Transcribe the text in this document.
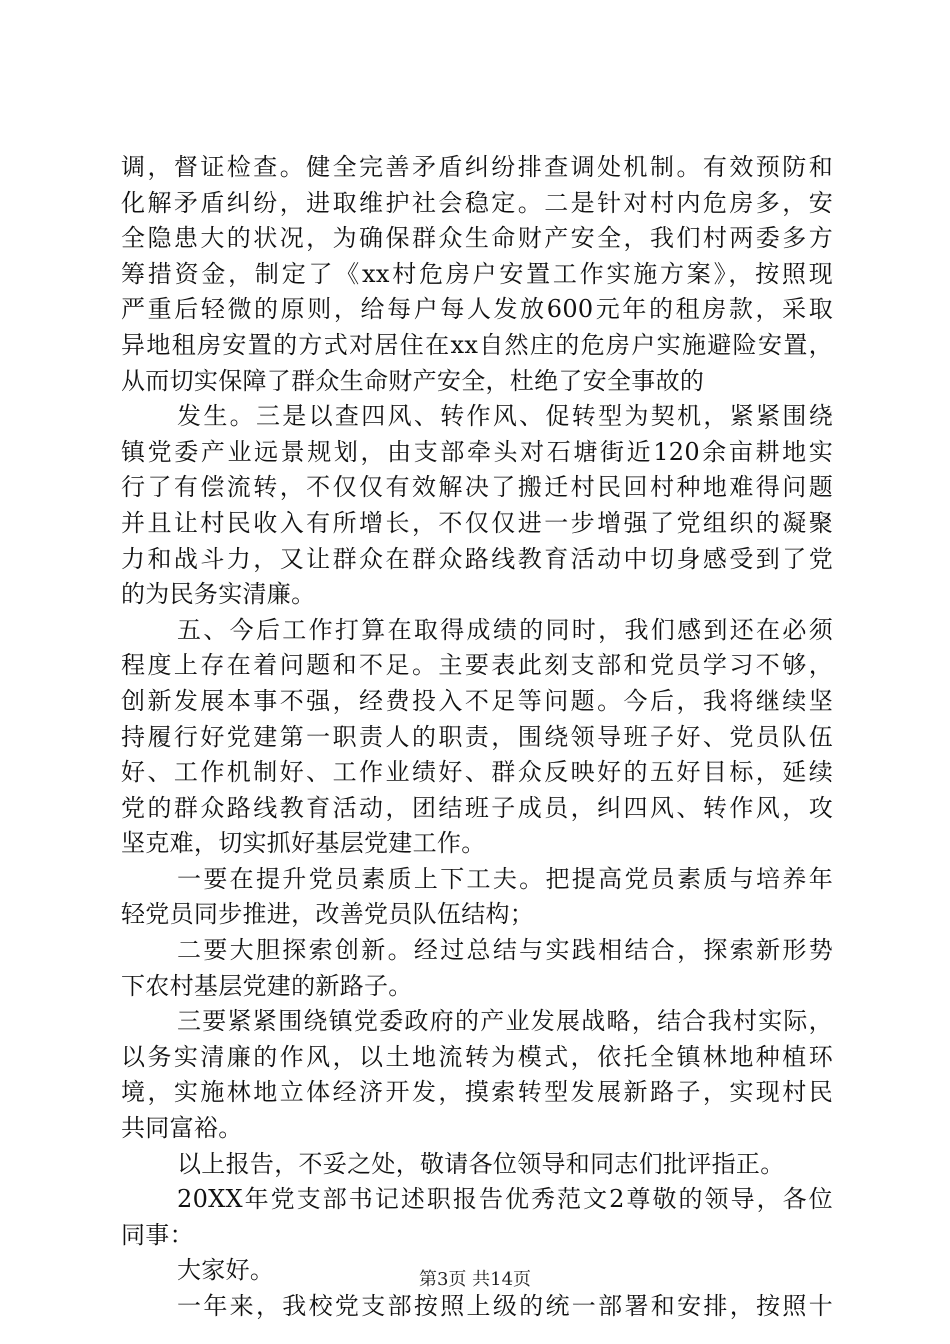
调，督证检查。健全完善矛盾纠纷排查调处机制。有效预防和
化解矛盾纠纷，进取维护社会稳定。二是针对村内危房多，安
全隐患大的状况，为确保群众生命财产安全，我们村两委多方
筹措资金，制定了《xx村危房户安置工作实施方案》，按照现
严重后轻微的原则，给每户每人发放600元年的租房款，采取
异地租房安置的方式对居住在xx自然庄的危房户实施避险安置，
从而切实保障了群众生命财产安全，杜绝了安全事故的
发生。三是以查四风、转作风、促转型为契机，紧紧围绕
镇党委产业远景规划，由支部牵头对石塘街近120余亩耕地实
行了有偿流转，不仅仅有效解决了搬迁村民回村种地难得问题
并且让村民收入有所增长，不仅仅进一步增强了党组织的凝聚
力和战斗力，又让群众在群众路线教育活动中切身感受到了党
的为民务实清廉。
五、今后工作打算在取得成绩的同时，我们感到还在必须
程度上存在着问题和不足。主要表此刻支部和党员学习不够，
创新发展本事不强，经费投入不足等问题。今后，我将继续坚
持履行好党建第一职责人的职责，围绕领导班子好、党员队伍
好、工作机制好、工作业绩好、群众反映好的五好目标，延续
党的群众路线教育活动，团结班子成员，纠四风、转作风，攻
坚克难，切实抓好基层党建工作。
一要在提升党员素质上下工夫。把提高党员素质与培养年
轻党员同步推进，改善党员队伍结构；
二要大胆探索创新。经过总结与实践相结合，探索新形势
下农村基层党建的新路子。
三要紧紧围绕镇党委政府的产业发展战略，结合我村实际，
以务实清廉的作风，以土地流转为模式，依托全镇林地种植环
境，实施林地立体经济开发，摸索转型发展新路子，实现村民
共同富裕。
以上报告，不妥之处，敬请各位领导和同志们批评指正。
20XX年党支部书记述职报告优秀范文2尊敬的领导，各位
同事：
大家好。
一年来，我校党支部按照上级的统一部署和安排，按照十
第3页 共14页
